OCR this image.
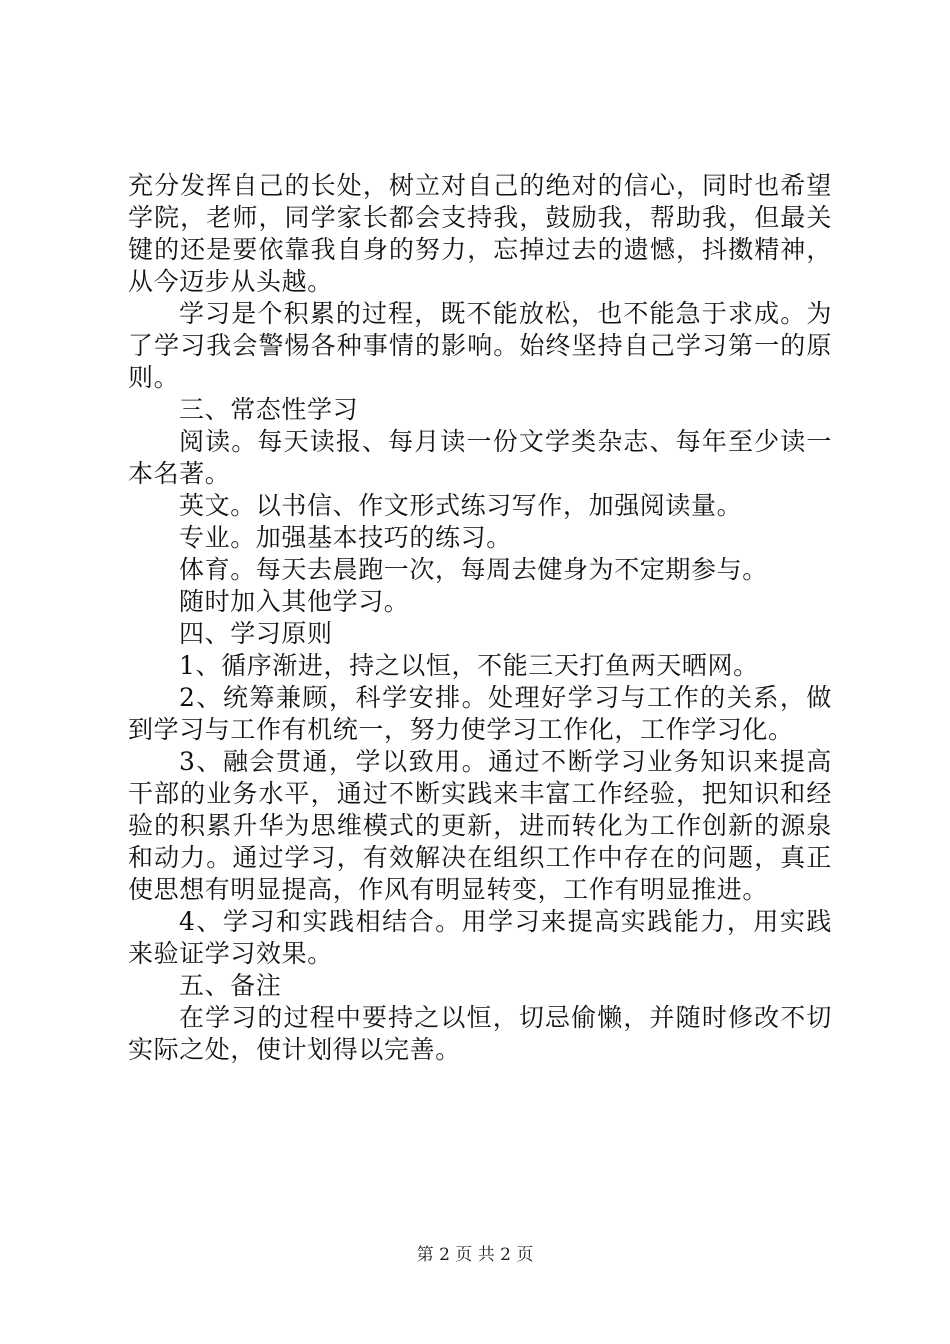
充分发挥自己的长处，树立对自己的绝对的信心，同时也希望学院，老师，同学家长都会支持我，鼓励我，帮助我，但最关键的还是要依靠我自身的努力，忘掉过去的遗憾，抖擞精神，从今迈步从头越。

学习是个积累的过程，既不能放松，也不能急于求成。为了学习我会警惕各种事情的影响。始终坚持自己学习第一的原则。

三、常态性学习

阅读。每天读报、每月读一份文学类杂志、每年至少读一本名著。

英文。以书信、作文形式练习写作，加强阅读量。

专业。加强基本技巧的练习。

体育。每天去晨跑一次，每周去健身为不定期参与。

随时加入其他学习。

四、学习原则

1、循序渐进，持之以恒，不能三天打鱼两天晒网。

2、统筹兼顾，科学安排。处理好学习与工作的关系，做到学习与工作有机统一，努力使学习工作化，工作学习化。

3、融会贯通，学以致用。通过不断学习业务知识来提高干部的业务水平，通过不断实践来丰富工作经验，把知识和经验的积累升华为思维模式的更新，进而转化为工作创新的源泉和动力。通过学习，有效解决在组织工作中存在的问题，真正使思想有明显提高，作风有明显转变，工作有明显推进。

4、学习和实践相结合。用学习来提高实践能力，用实践来验证学习效果。

五、备注

在学习的过程中要持之以恒，切忌偷懒，并随时修改不切实际之处，使计划得以完善。

第 2 页 共 2 页
